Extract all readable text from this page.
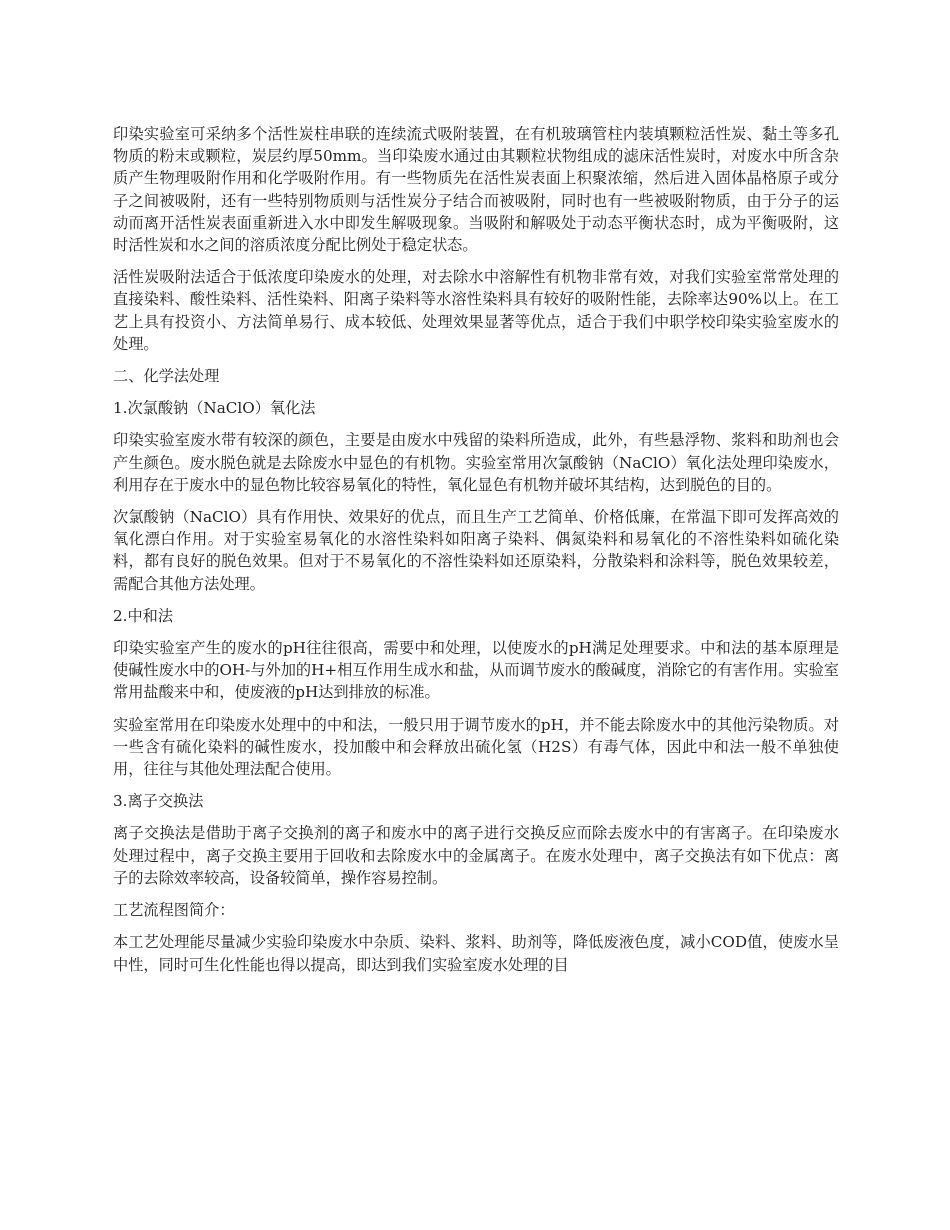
印染实验室可采纳多个活性炭柱串联的连续流式吸附装置，在有机玻璃管柱内装填颗粒活性炭、黏土等多孔物质的粉末或颗粒，炭层约厚50mm。当印染废水通过由其颗粒状物组成的滤床活性炭时，对废水中所含杂质产生物理吸附作用和化学吸附作用。有一些物质先在活性炭表面上积聚浓缩，然后进入固体晶格原子或分子之间被吸附，还有一些特别物质则与活性炭分子结合而被吸附，同时也有一些被吸附物质，由于分子的运动而离开活性炭表面重新进入水中即发生解吸现象。当吸附和解吸处于动态平衡状态时，成为平衡吸附，这时活性炭和水之间的溶质浓度分配比例处于稳定状态。

活性炭吸附法适合于低浓度印染废水的处理，对去除水中溶解性有机物非常有效，对我们实验室常常处理的直接染料、酸性染料、活性染料、阳离子染料等水溶性染料具有较好的吸附性能，去除率达90%以上。在工艺上具有投资小、方法简单易行、成本较低、处理效果显著等优点，适合于我们中职学校印染实验室废水的处理。

二、化学法处理

1.次氯酸钠（NaClO）氧化法

印染实验室废水带有较深的颜色，主要是由废水中残留的染料所造成，此外，有些悬浮物、浆料和助剂也会产生颜色。废水脱色就是去除废水中显色的有机物。实验室常用次氯酸钠（NaClO）氧化法处理印染废水，利用存在于废水中的显色物比较容易氧化的特性，氧化显色有机物并破坏其结构，达到脱色的目的。

次氯酸钠（NaClO）具有作用快、效果好的优点，而且生产工艺简单、价格低廉，在常温下即可发挥高效的氧化漂白作用。对于实验室易氧化的水溶性染料如阳离子染料、偶氮染料和易氧化的不溶性染料如硫化染料，都有良好的脱色效果。但对于不易氧化的不溶性染料如还原染料，分散染料和涂料等，脱色效果较差，需配合其他方法处理。

2.中和法

印染实验室产生的废水的pH往往很高，需要中和处理，以使废水的pH满足处理要求。中和法的基本原理是使碱性废水中的OH-与外加的H+相互作用生成水和盐，从而调节废水的酸碱度，消除它的有害作用。实验室常用盐酸来中和，使废液的pH达到排放的标准。

实验室常用在印染废水处理中的中和法，一般只用于调节废水的pH，并不能去除废水中的其他污染物质。对一些含有硫化染料的碱性废水，投加酸中和会释放出硫化氢（H2S）有毒气体，因此中和法一般不单独使用，往往与其他处理法配合使用。

3.离子交换法

离子交换法是借助于离子交换剂的离子和废水中的离子进行交换反应而除去废水中的有害离子。在印染废水处理过程中，离子交换主要用于回收和去除废水中的金属离子。在废水处理中，离子交换法有如下优点：离子的去除效率较高，设备较简单，操作容易控制。

工艺流程图简介：

本工艺处理能尽量减少实验印染废水中杂质、染料、浆料、助剂等，降低废液色度，减小COD值，使废水呈中性，同时可生化性能也得以提高，即达到我们实验室废水处理的目
